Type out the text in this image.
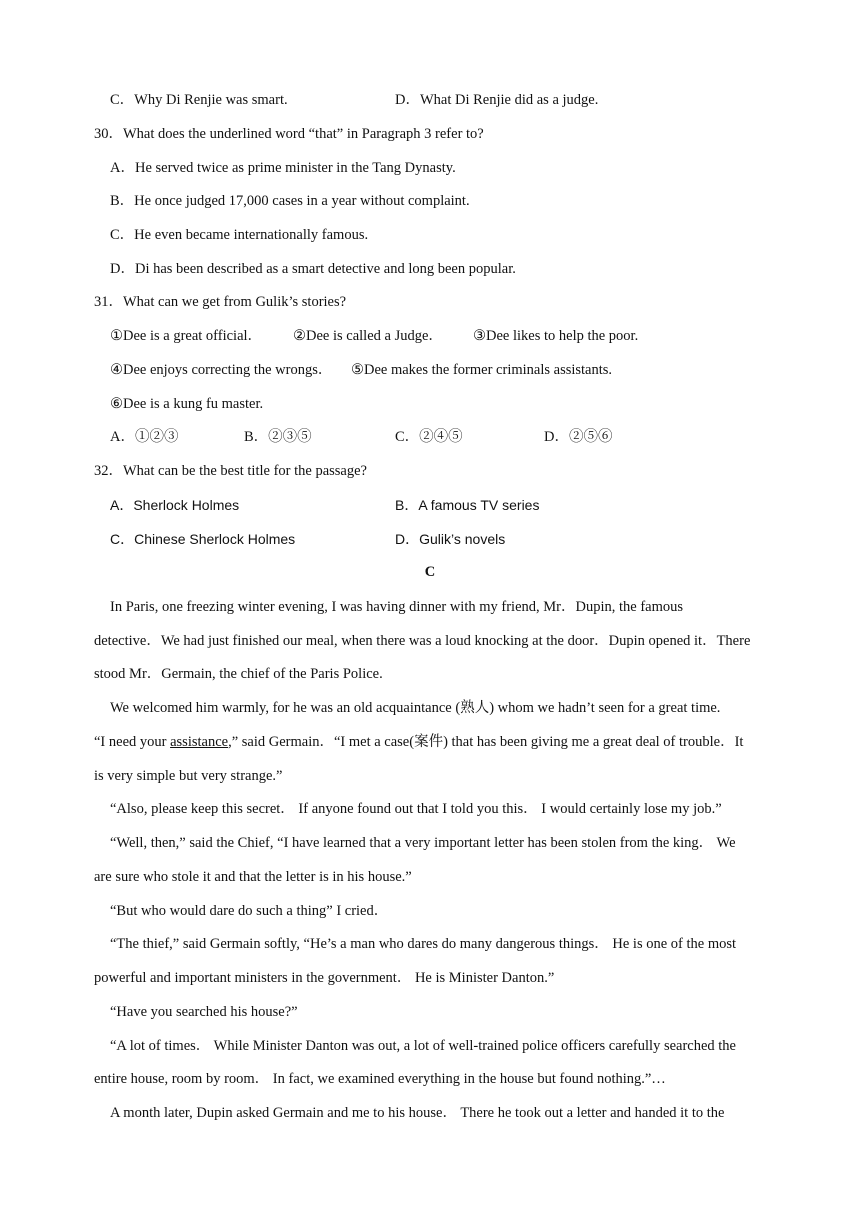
C．Why Di Renjie was smart.	D．What Di Renjie did as a judge.
30．What does the underlined word “that” in Paragraph 3 refer to?
A．He served twice as prime minister in the Tang Dynasty.
B．He once judged 17,000 cases in a year without complaint.
C．He even became internationally famous.
D．Di has been described as a smart detective and long been popular.
31．What can we get from Gulik’s stories?
①Dee is a great official． ②Dee is called a Judge． ③Dee likes to help the poor.
④Dee enjoys correcting the wrongs． ⑤Dee makes the former criminals assistants.
⑥Dee is a kung fu master.
A．①②③	B．②③⑤	C．②④⑤	D．②⑤⑥
32．What can be the best title for the passage?
A．Sherlock Holmes	B．A famous TV series
C．Chinese Sherlock Holmes	D．Gulik’s novels
C
In Paris, one freezing winter evening, I was having dinner with my friend, Mr．Dupin, the famous
detective．We had just finished our meal, when there was a loud knocking at the door．Dupin opened it．There
stood Mr．Germain, the chief of the Paris Police.
We welcomed him warmly, for he was an old acquaintance (熟人) whom we hadn’t seen for a great time.
“I need your assistance,” said Germain．“I met a case(案件) that has been giving me a great deal of trouble．It
is very simple but very strange.”
“Also, please keep this secret． If anyone found out that I told you this． I would certainly lose my job.”
“Well, then,” said the Chief, “I have learned that a very important letter has been stolen from the king． We
are sure who stole it and that the letter is in his house.”
“But who would dare do such a thing” I cried．
“The thief,” said Germain softly, “He’s a man who dares do many dangerous things． He is one of the most
powerful and important ministers in the government． He is Minister Danton.”
“Have you searched his house?”
“A lot of times． While Minister Danton was out, a lot of well-trained police officers carefully searched the
entire house, room by room． In fact, we examined everything in the house but found nothing.”…
A month later, Dupin asked Germain and me to his house． There he took out a letter and handed it to the
